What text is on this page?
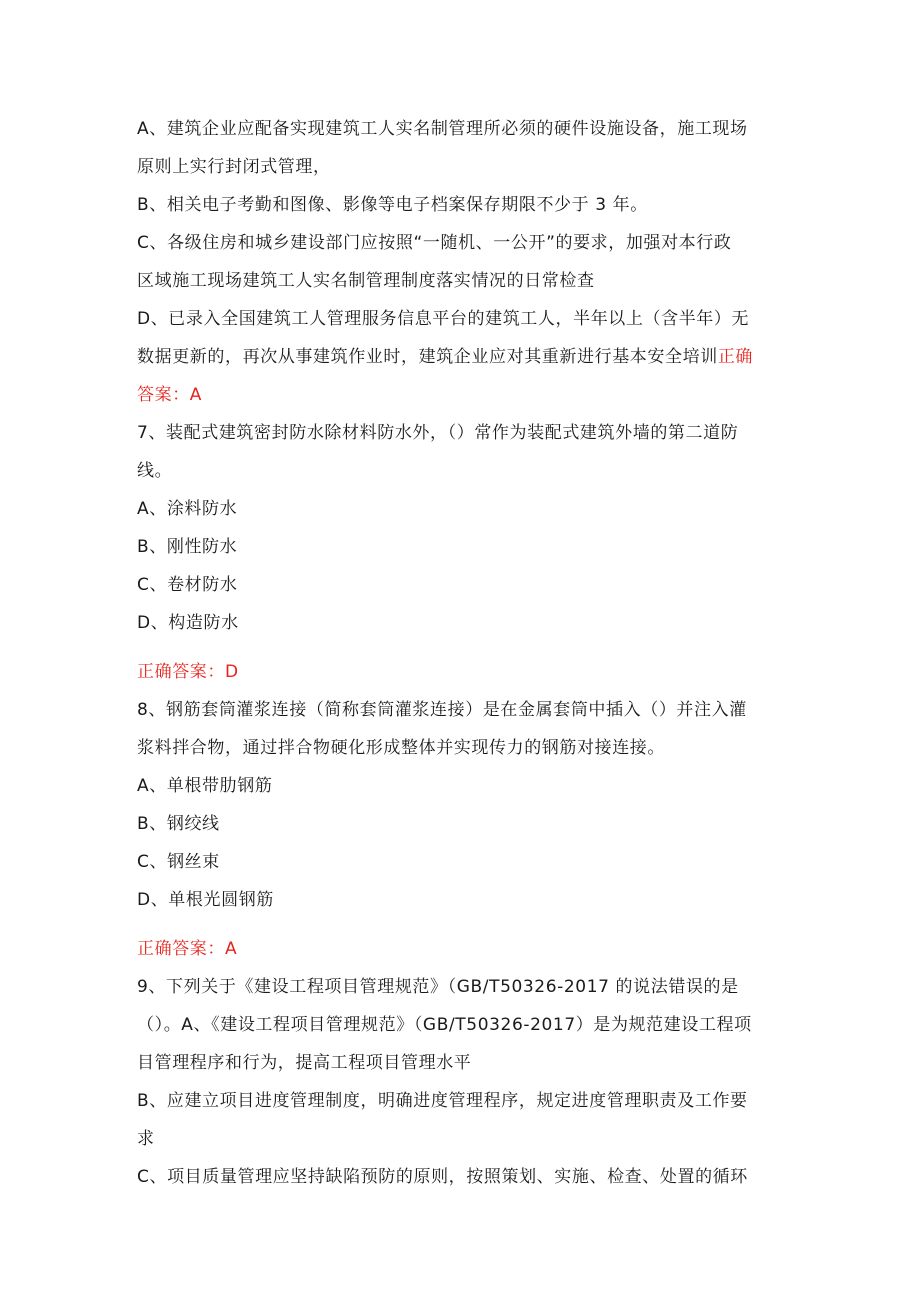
A、建筑企业应配备实现建筑工人实名制管理所必须的硬件设施设备，施工现场
原则上实行封闭式管理，
B、相关电子考勤和图像、影像等电子档案保存期限不少于 3 年。
C、各级住房和城乡建设部门应按照“一随机、一公开”的要求，加强对本行政
区域施工现场建筑工人实名制管理制度落实情况的日常检查
D、已录入全国建筑工人管理服务信息平台的建筑工人，半年以上（含半年）无
数据更新的，再次从事建筑作业时，建筑企业应对其重新进行基本安全培训正确
答案：A
7、装配式建筑密封防水除材料防水外，（）常作为装配式建筑外墙的第二道防
线。
A、涂料防水
B、刚性防水
C、卷材防水
D、构造防水
正确答案：D
8、钢筋套筒灌浆连接（简称套筒灌浆连接）是在金属套筒中插入（）并注入灌
浆料拌合物，通过拌合物硬化形成整体并实现传力的钢筋对接连接。
A、单根带肋钢筋
B、钢绞线
C、钢丝束
D、单根光圆钢筋
正确答案：A
9、下列关于《建设工程项目管理规范》（GB/T50326-2017 的说法错误的是
（）。A、《建设工程项目管理规范》（GB/T50326-2017）是为规范建设工程项
目管理程序和行为，提高工程项目管理水平
B、应建立项目进度管理制度，明确进度管理程序，规定进度管理职责及工作要
求
C、项目质量管理应坚持缺陷预防的原则，按照策划、实施、检查、处置的循环
